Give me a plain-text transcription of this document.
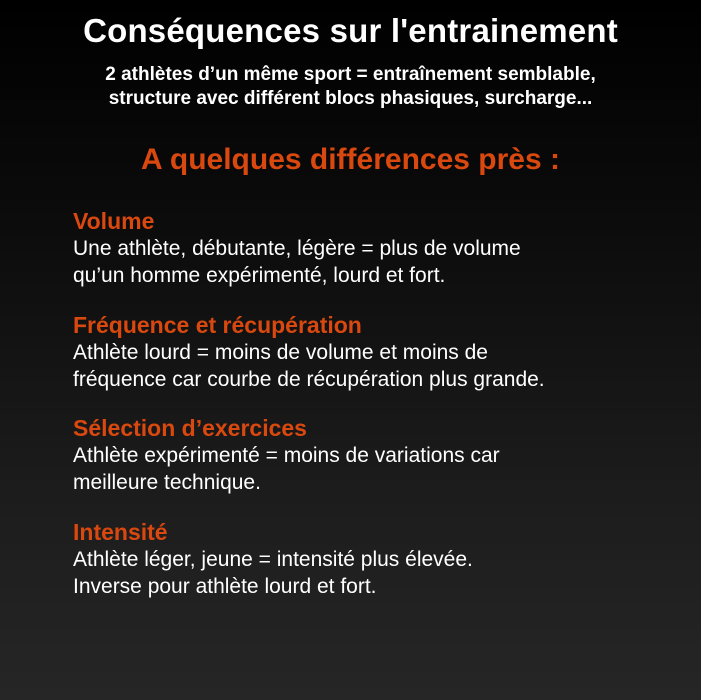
Conséquences sur l'entrainement
2 athlètes d’un même sport = entraînement semblable,
structure avec différent blocs phasiques, surcharge...
A quelques différences près :
Volume
Une athlète, débutante, légère = plus de volume
qu’un homme expérimenté, lourd et fort.
Fréquence et récupération
Athlète lourd = moins de volume et moins de
fréquence car courbe de récupération plus grande.
Sélection d’exercices
Athlète expérimenté = moins de variations car
meilleure technique.
Intensité
Athlète léger, jeune = intensité plus élevée.
Inverse pour athlète lourd et fort.
